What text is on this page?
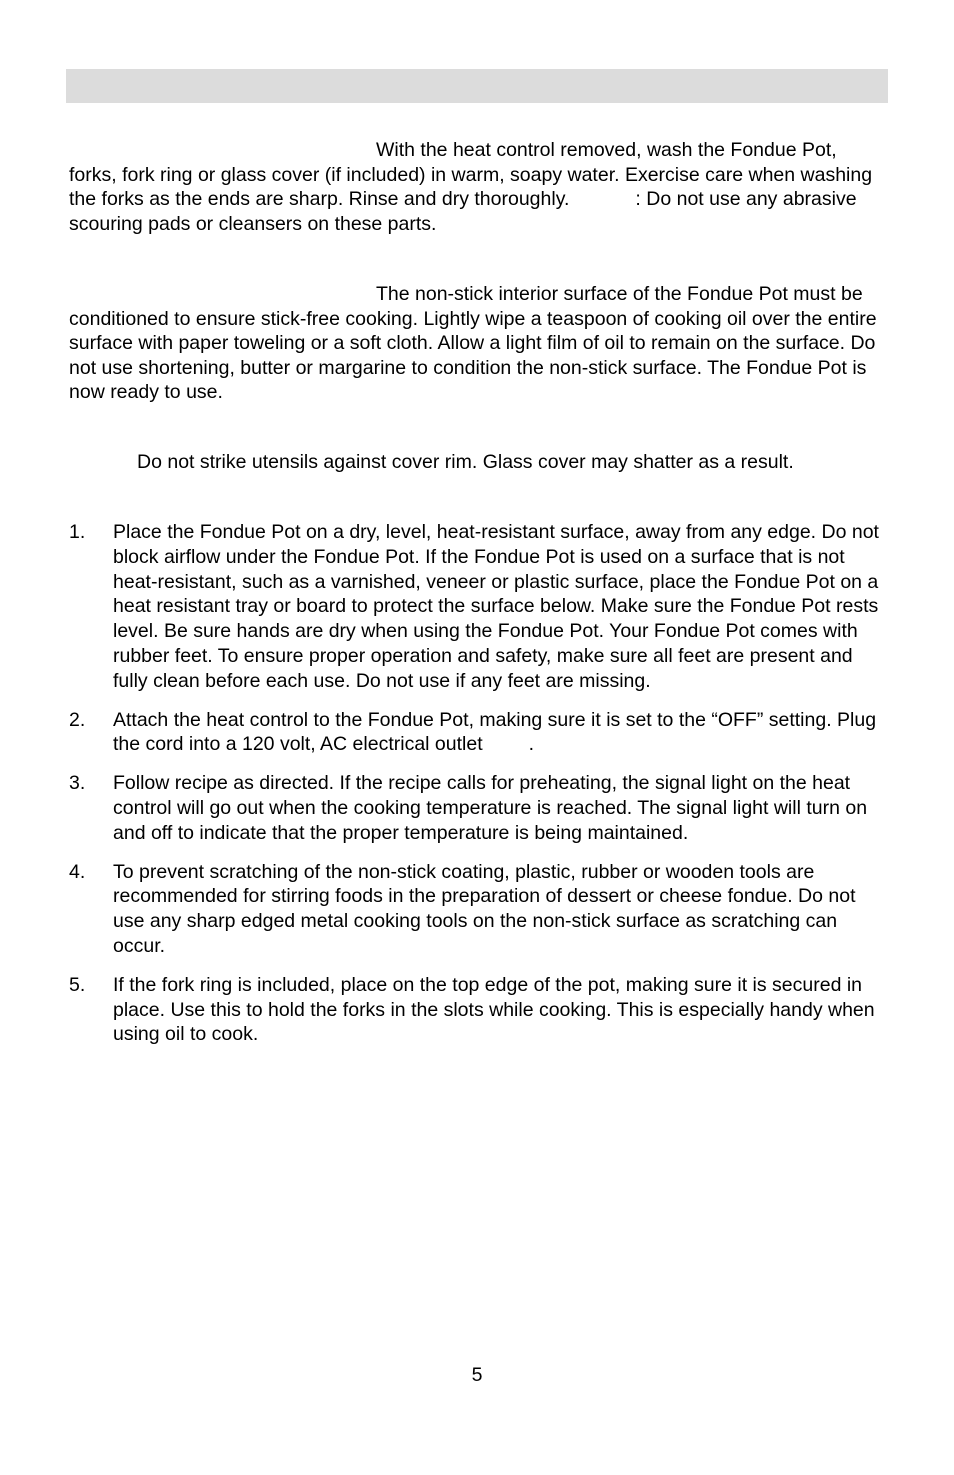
With the heat control removed, wash the Fondue Pot, forks, fork ring or glass cover (if included) in warm, soapy water. Exercise care when washing the forks as the ends are sharp. Rinse and dry thoroughly.	: Do not use any abrasive scouring pads or cleansers on these parts.
The non-stick interior surface of the Fondue Pot must be conditioned to ensure stick-free cooking. Lightly wipe a teaspoon of cooking oil over the entire surface with paper toweling or a soft cloth. Allow a light film of oil to remain on the surface. Do not use shortening, butter or margarine to condition the non-stick surface. The Fondue Pot is now ready to use.
Do not strike utensils against cover rim. Glass cover may shatter as a result.
1. Place the Fondue Pot on a dry, level, heat-resistant surface, away from any edge. Do not block airflow under the Fondue Pot. If the Fondue Pot is used on a surface that is not heat-resistant, such as a varnished, veneer or plastic surface, place the Fondue Pot on a heat resistant tray or board to protect the surface below. Make sure the Fondue Pot rests level. Be sure hands are dry when using the Fondue Pot. Your Fondue Pot comes with rubber feet. To ensure proper operation and safety, make sure all feet are present and fully clean before each use. Do not use if any feet are missing.
2. Attach the heat control to the Fondue Pot, making sure it is set to the “OFF” setting. Plug the cord into a 120 volt, AC electrical outlet .
3. Follow recipe as directed. If the recipe calls for preheating, the signal light on the heat control will go out when the cooking temperature is reached. The signal light will turn on and off to indicate that the proper temperature is being maintained.
4. To prevent scratching of the non-stick coating, plastic, rubber or wooden tools are recommended for stirring foods in the preparation of dessert or cheese fondue. Do not use any sharp edged metal cooking tools on the non-stick surface as scratching can occur.
5. If the fork ring is included, place on the top edge of the pot, making sure it is secured in place. Use this to hold the forks in the slots while cooking. This is especially handy when using oil to cook.
5
